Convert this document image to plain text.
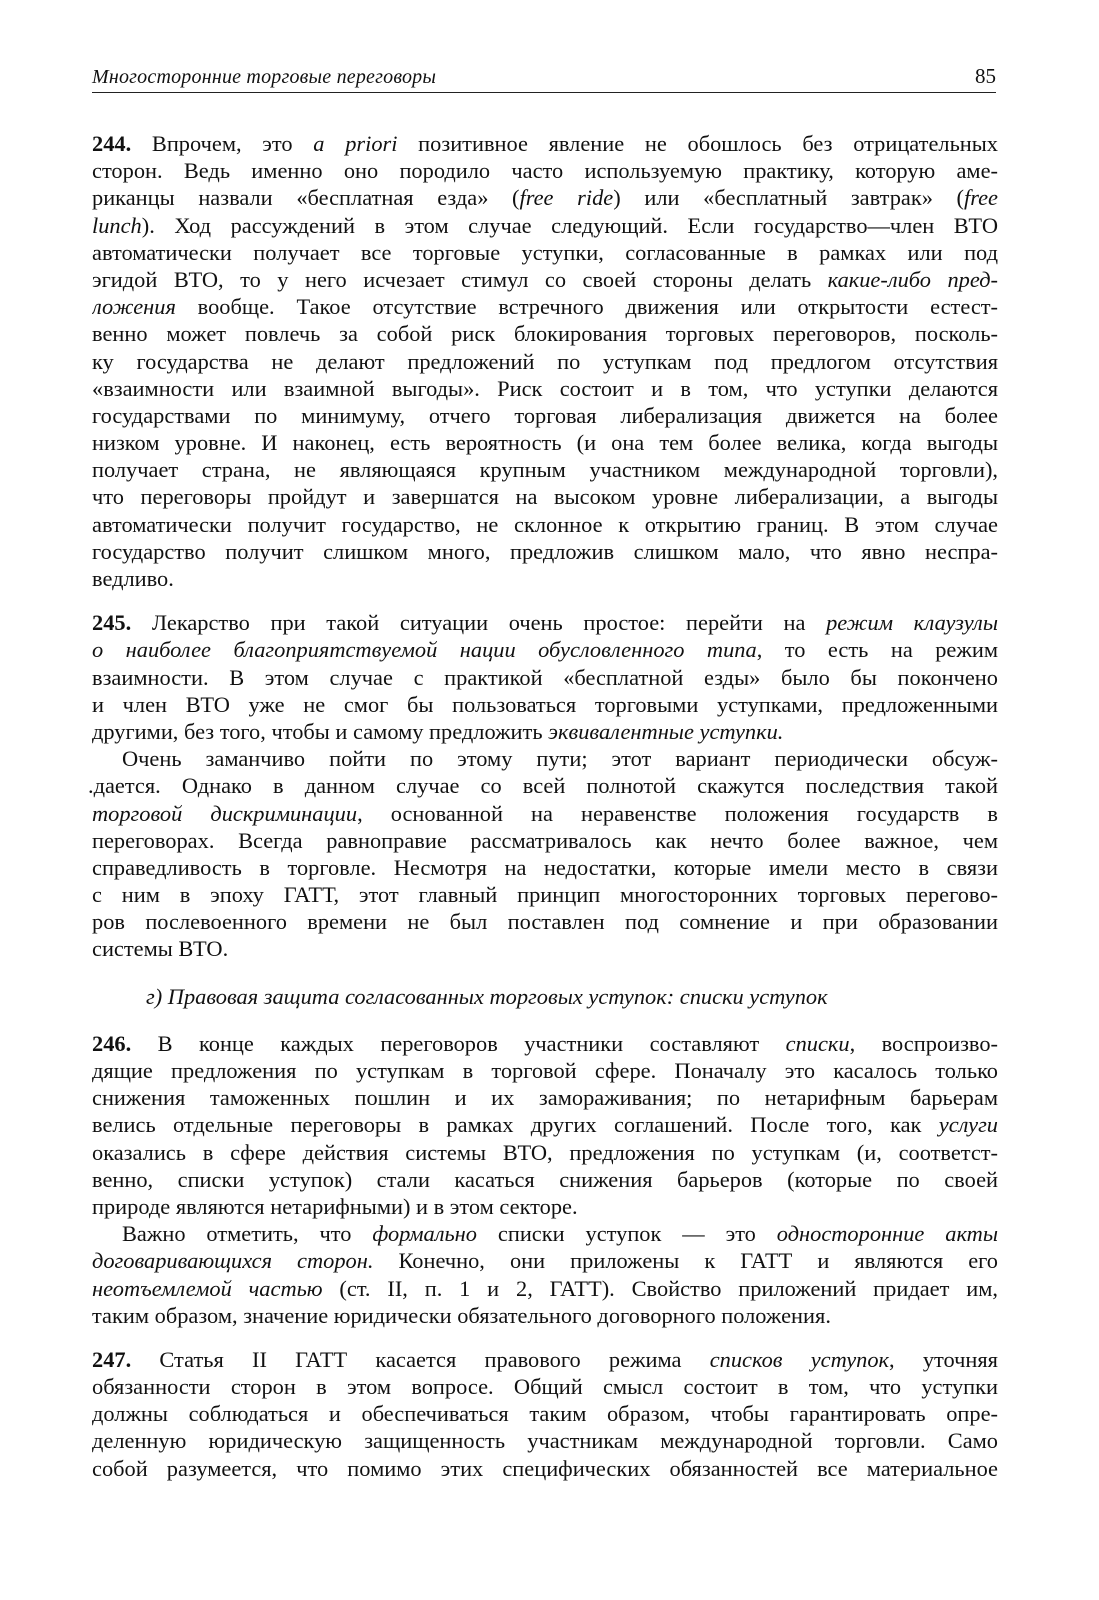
Многосторонние торговые переговоры	85
244. Впрочем, это a priori позитивное явление не обошлось без отрицательных
сторон. Ведь именно оно породило часто используемую практику, которую аме-
риканцы назвали «бесплатная езда» (free ride) или «бесплатный завтрак» (free
lunch). Ход рассуждений в этом случае следующий. Если государство—член ВТО
автоматически получает все торговые уступки, согласованные в рамках или под
эгидой ВТО, то у него исчезает стимул со своей стороны делать какие-либо пред-
ложения вообще. Такое отсутствие встречного движения или открытости естест-
венно может повлечь за собой риск блокирования торговых переговоров, посколь-
ку государства не делают предложений по уступкам под предлогом отсутствия
«взаимности или взаимной выгоды». Риск состоит и в том, что уступки делаются
государствами по минимуму, отчего торговая либерализация движется на более
низком уровне. И наконец, есть вероятность (и она тем более велика, когда выгоды
получает страна, не являющаяся крупным участником международной торговли),
что переговоры пройдут и завершатся на высоком уровне либерализации, а выгоды
автоматически получит государство, не склонное к открытию границ. В этом случае
государство получит слишком много, предложив слишком мало, что явно неспра-
ведливо.
245. Лекарство при такой ситуации очень простое: перейти на режим клаузулы
о наиболее благоприятствуемой нации обусловленного типа, то есть на режим
взаимности. В этом случае с практикой «бесплатной езды» было бы покончено
и член ВТО уже не смог бы пользоваться торговыми уступками, предложенными
другими, без того, чтобы и самому предложить эквивалентные уступки.
Очень заманчиво пойти по этому пути; этот вариант периодически обсуж-
.дается. Однако в данном случае со всей полнотой скажутся последствия такой
торговой дискриминации, основанной на неравенстве положения государств в
переговорах. Всегда равноправие рассматривалось как нечто более важное, чем
справедливость в торговле. Несмотря на недостатки, которые имели место в связи
с ним в эпоху ГАТТ, этот главный принцип многосторонних торговых перегово-
ров послевоенного времени не был поставлен под сомнение и при образовании
системы ВТО.
г) Правовая защита согласованных торговых уступок: списки уступок
246. В конце каждых переговоров участники составляют списки, воспроизво-
дящие предложения по уступкам в торговой сфере. Поначалу это касалось только
снижения таможенных пошлин и их замораживания; по нетарифным барьерам
велись отдельные переговоры в рамках других соглашений. После того, как услуги
оказались в сфере действия системы ВТО, предложения по уступкам (и, соответст-
венно, списки уступок) стали касаться снижения барьеров (которые по своей
природе являются нетарифными) и в этом секторе.
Важно отметить, что формально списки уступок — это односторонние акты
договаривающихся сторон. Конечно, они приложены к ГАТТ и являются его
неотъемлемой частью (ст. II, п. 1 и 2, ГАТТ). Свойство приложений придает им,
таким образом, значение юридически обязательного договорного положения.
247. Статья II ГАТТ касается правового режима списков уступок, уточняя
обязанности сторон в этом вопросе. Общий смысл состоит в том, что уступки
должны соблюдаться и обеспечиваться таким образом, чтобы гарантировать опре-
деленную юридическую защищенность участникам международной торговли. Само
собой разумеется, что помимо этих специфических обязанностей все материальное
